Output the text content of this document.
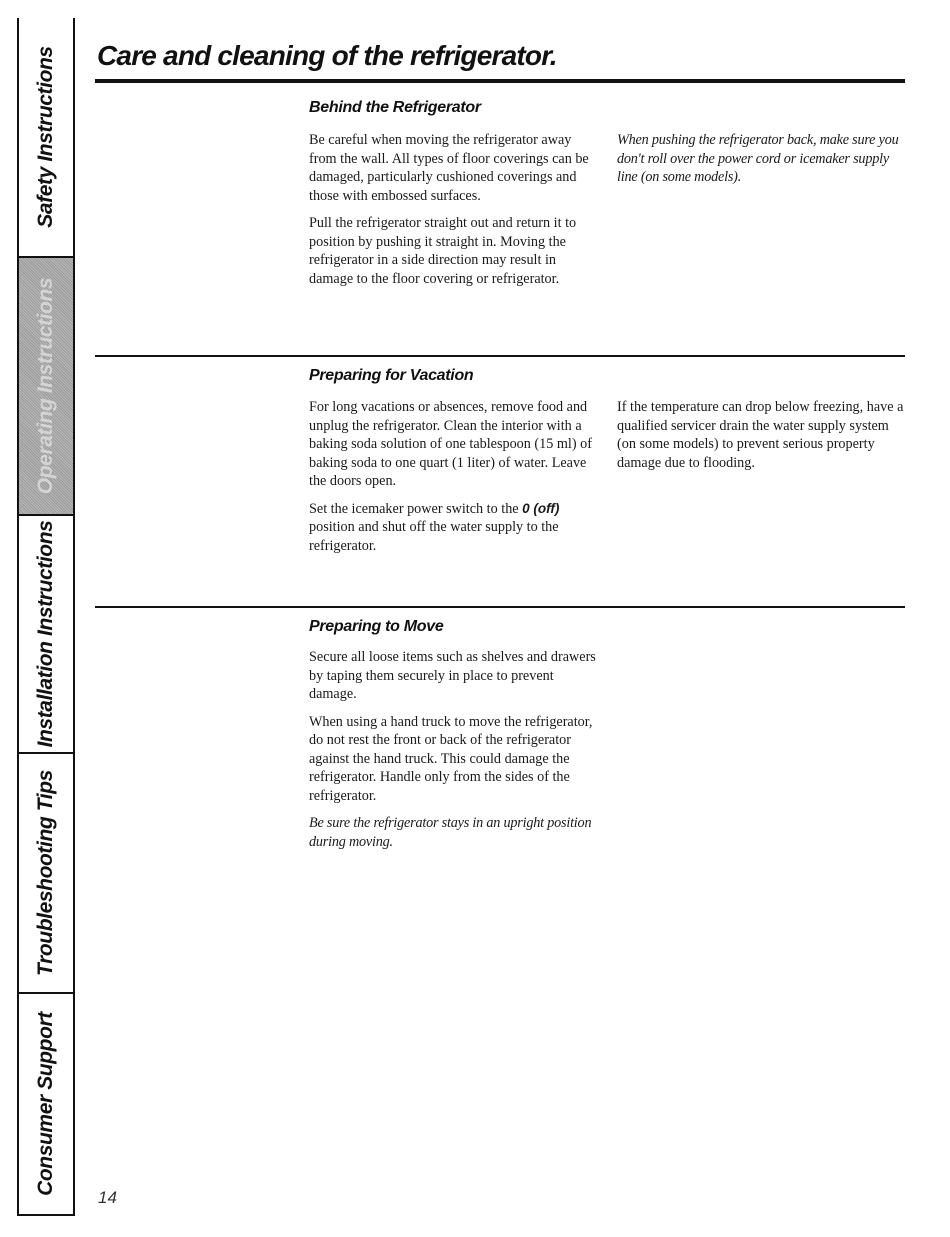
Safety Instructions
Operating Instructions
Installation Instructions
Troubleshooting Tips
Consumer Support
Care and cleaning of the refrigerator.
Behind the Refrigerator

Be careful when moving the refrigerator away from the wall. All types of floor coverings can be damaged, particularly cushioned coverings and those with embossed surfaces.

Pull the refrigerator straight out and return it to position by pushing it straight in. Moving the refrigerator in a side direction may result in damage to the floor covering or refrigerator.

When pushing the refrigerator back, make sure you don't roll over the power cord or icemaker supply line (on some models).

Preparing for Vacation

For long vacations or absences, remove food and unplug the refrigerator. Clean the interior with a baking soda solution of one tablespoon (15 ml) of baking soda to one quart (1 liter) of water. Leave the doors open.

Set the icemaker power switch to the 0 (off) position and shut off the water supply to the refrigerator.

If the temperature can drop below freezing, have a qualified servicer drain the water supply system (on some models) to prevent serious property damage due to flooding.

Preparing to Move

Secure all loose items such as shelves and drawers by taping them securely in place to prevent damage.

When using a hand truck to move the refrigerator, do not rest the front or back of the refrigerator against the hand truck. This could damage the refrigerator. Handle only from the sides of the refrigerator.

Be sure the refrigerator stays in an upright position during moving.

14
